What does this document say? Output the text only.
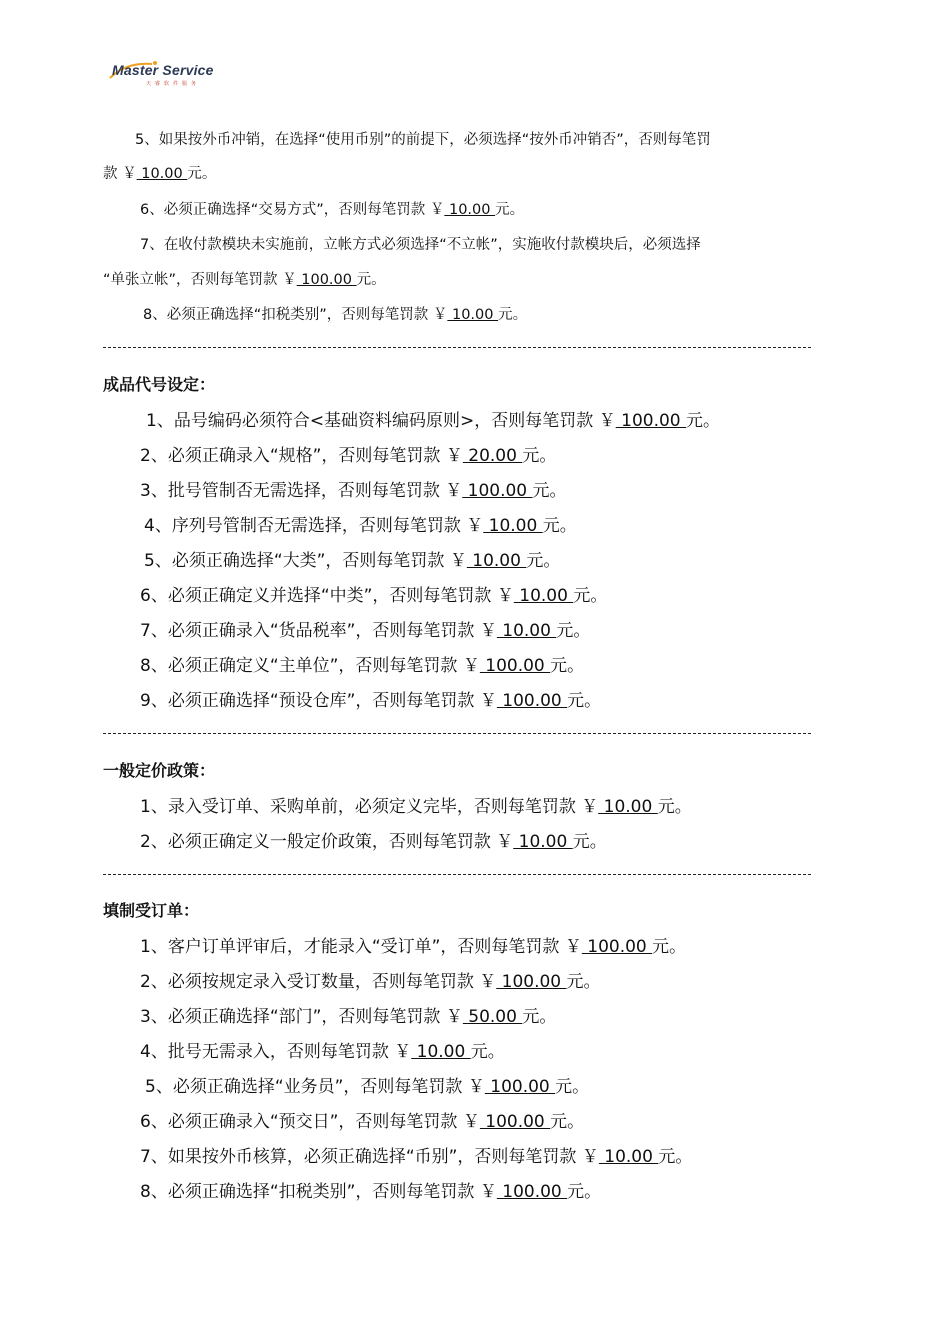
Master Service
天睿软件服务
5、如果按外币冲销，在选择“使用币别”的前提下，必须选择“按外币冲销否”，否则每笔罚
款 ￥ 10.00 元。
6、必须正确选择“交易方式”，否则每笔罚款 ￥ 10.00 元。
7、在收付款模块未实施前，立帐方式必须选择“不立帐”，实施收付款模块后，必须选择
“单张立帐”，否则每笔罚款 ￥ 100.00 元。
8、必须正确选择“扣税类别”，否则每笔罚款 ￥ 10.00 元。
成品代号设定：
1、品号编码必须符合<基础资料编码原则>，否则每笔罚款 ￥ 100.00 元。
2、必须正确录入“规格”，否则每笔罚款 ￥ 20.00 元。
3、批号管制否无需选择，否则每笔罚款 ￥ 100.00 元。
4、序列号管制否无需选择，否则每笔罚款 ￥ 10.00 元。
5、必须正确选择“大类”，否则每笔罚款 ￥ 10.00 元。
6、必须正确定义并选择“中类”，否则每笔罚款 ￥ 10.00 元。
7、必须正确录入“货品税率”，否则每笔罚款 ￥ 10.00 元。
8、必须正确定义“主单位”，否则每笔罚款 ￥ 100.00 元。
9、必须正确选择“预设仓库”，否则每笔罚款 ￥ 100.00 元。
一般定价政策：
1、录入受订单、采购单前，必须定义完毕，否则每笔罚款 ￥ 10.00 元。
2、必须正确定义一般定价政策，否则每笔罚款 ￥ 10.00 元。
填制受订单：
1、客户订单评审后，才能录入“受订单”，否则每笔罚款 ￥ 100.00 元。
2、必须按规定录入受订数量，否则每笔罚款 ￥ 100.00 元。
3、必须正确选择“部门”，否则每笔罚款 ￥ 50.00 元。
4、批号无需录入，否则每笔罚款 ￥ 10.00 元。
5、必须正确选择“业务员”，否则每笔罚款 ￥ 100.00 元。
6、必须正确录入“预交日”，否则每笔罚款 ￥ 100.00 元。
7、如果按外币核算，必须正确选择“币别”，否则每笔罚款 ￥ 10.00 元。
8、必须正确选择“扣税类别”，否则每笔罚款 ￥ 100.00 元。
